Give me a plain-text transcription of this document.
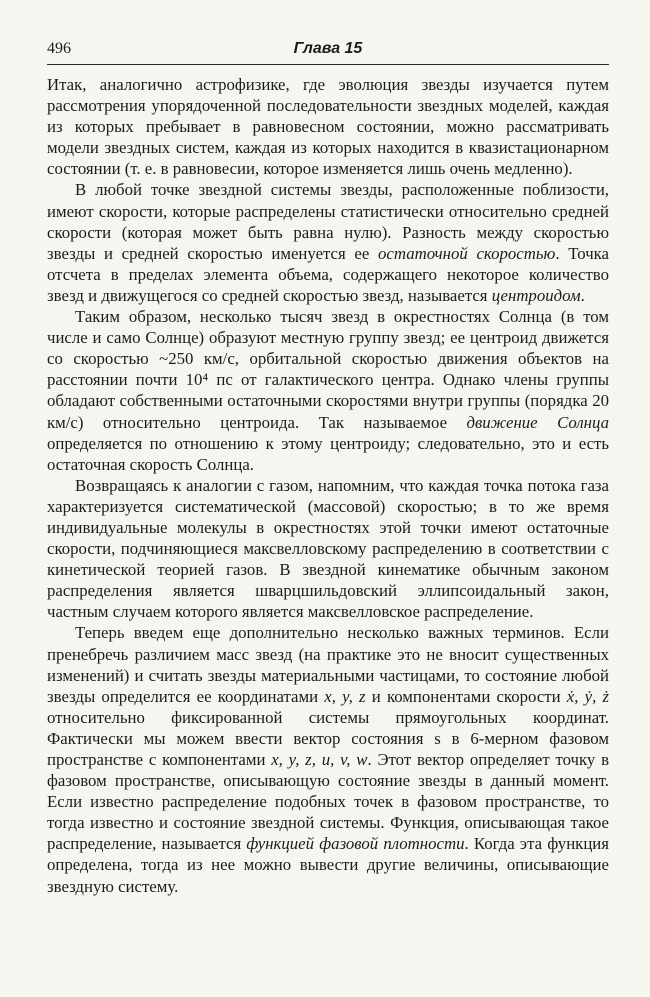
496	Глава 15

Итак, аналогично астрофизике, где эволюция звезды изучается путем рассмотрения упорядоченной последовательности звездных моделей, каждая из которых пребывает в равновесном состоянии, можно рассматривать модели звездных систем, каждая из которых находится в квазистационарном состоянии (т. е. в равновесии, которое изменяется лишь очень медленно).

В любой точке звездной системы звезды, расположенные поблизости, имеют скорости, которые распределены статистически относительно средней скорости (которая может быть равна нулю). Разность между скоростью звезды и средней скоростью именуется ее остаточной скоростью. Точка отсчета в пределах элемента объема, содержащего некоторое количество звезд и движущегося со средней скоростью звезд, называется центроидом.

Таким образом, несколько тысяч звезд в окрестностях Солнца (в том числе и само Солнце) образуют местную группу звезд; ее центроид движется со скоростью ~250 км/с, орбитальной скоростью движения объектов на расстоянии почти 10⁴ пс от галактического центра. Однако члены группы обладают собственными остаточными скоростями внутри группы (порядка 20 км/с) относительно центроида. Так называемое движение Солнца определяется по отношению к этому центроиду; следовательно, это и есть остаточная скорость Солнца.

Возвращаясь к аналогии с газом, напомним, что каждая точка потока газа характеризуется систематической (массовой) скоростью; в то же время индивидуальные молекулы в окрестностях этой точки имеют остаточные скорости, подчиняющиеся максвелловскому распределению в соответствии с кинетической теорией газов. В звездной кинематике обычным законом распределения является шварцшильдовский эллипсоидальный закон, частным случаем которого является максвелловское распределение.

Теперь введем еще дополнительно несколько важных терминов. Если пренебречь различием масс звезд (на практике это не вносит существенных изменений) и считать звезды материальными частицами, то состояние любой звезды определится ее координатами x, y, z и компонентами скорости ẋ, ẏ, ż относительно фиксированной системы прямоугольных координат. Фактически мы можем ввести вектор состояния s в 6-мерном фазовом пространстве с компонентами x, y, z, u, v, w. Этот вектор определяет точку в фазовом пространстве, описывающую состояние звезды в данный момент. Если известно распределение подобных точек в фазовом пространстве, то тогда известно и состояние звездной системы. Функция, описывающая такое распределение, называется функцией фазовой плотности. Когда эта функция определена, тогда из нее можно вывести другие величины, описывающие звездную систему.
